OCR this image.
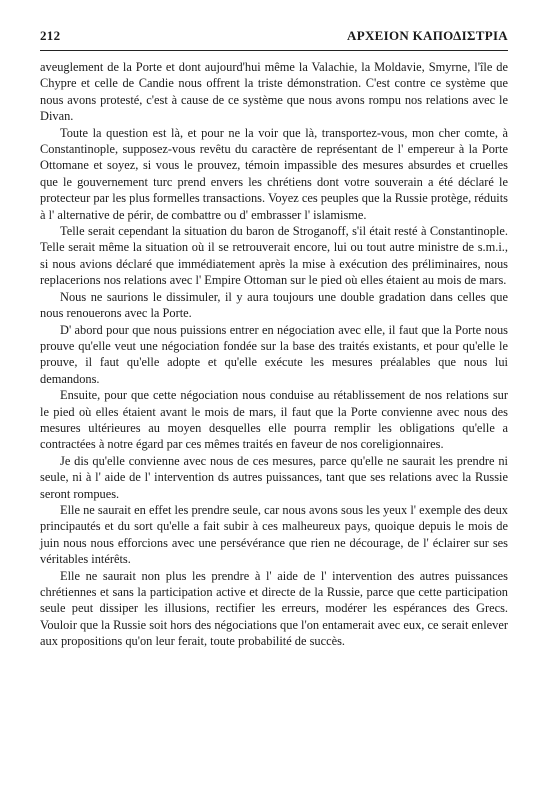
212	ΑΡΧΕΙΟΝ ΚΑΠΟΔΙΣΤΡΙΑ

aveuglement de la Porte et dont aujourd'hui même la Valachie, la Moldavie, Smyrne, l'île de Chypre et celle de Candie nous offrent la triste démonstration. C'est contre ce système que nous avons protesté, c'est à cause de ce système que nous avons rompu nos relations avec le Divan.

Toute la question est là, et pour ne la voir que là, transportez-vous, mon cher comte, à Constantinople, supposez-vous revêtu du caractère de représentant de l' empereur à la Porte Ottomane et soyez, si vous le prouvez, témoin impassible des mesures absurdes et cruelles que le gouvernement turc prend envers les chrétiens dont votre souverain a été déclaré le protecteur par les plus formelles transactions. Voyez ces peuples que la Russie protège, réduits à l' alternative de périr, de combattre ou d' embrasser l' islamisme.

Telle serait cependant la situation du baron de Stroganoff, s'il était resté à Constantinople. Telle serait même la situation où il se retrouverait encore, lui ou tout autre ministre de s.m.i., si nous avions déclaré que immédiatement après la mise à exécution des préliminaires, nous replacerions nos relations avec l' Empire Ottoman sur le pied où elles étaient au mois de mars.

Nous ne saurions le dissimuler, il y aura toujours une double gradation dans celles que nous renouerons avec la Porte.

D' abord pour que nous puissions entrer en négociation avec elle, il faut que la Porte nous prouve qu'elle veut une négociation fondée sur la base des traités existants, et pour qu'elle le prouve, il faut qu'elle adopte et qu'elle exécute les mesures préalables que nous lui demandons.

Ensuite, pour que cette négociation nous conduise au rétablissement de nos relations sur le pied où elles étaient avant le mois de mars, il faut que la Porte convienne avec nous des mesures ultérieures au moyen desquelles elle pourra remplir les obligations qu'elle a contractées à notre égard par ces mêmes traités en faveur de nos coreligionnaires.

Je dis qu'elle convienne avec nous de ces mesures, parce qu'elle ne saurait les prendre ni seule, ni à l' aide de l' intervention ds autres puissances, tant que ses relations avec la Russie seront rompues.

Elle ne saurait en effet les prendre seule, car nous avons sous les yeux l' exemple des deux principautés et du sort qu'elle a fait subir à ces malheureux pays, quoique depuis le mois de juin nous nous efforcions avec une persévérance que rien ne décourage, de l' éclairer sur ses véritables intérêts.

Elle ne saurait non plus les prendre à l' aide de l' intervention des autres puissances chrétiennes et sans la participation active et directe de la Russie, parce que cette participation seule peut dissiper les illusions, rectifier les erreurs, modérer les espérances des Grecs. Vouloir que la Russie soit hors des négociations que l'on entamerait avec eux, ce serait enlever aux propositions qu'on leur ferait, toute probabilité de succès.
